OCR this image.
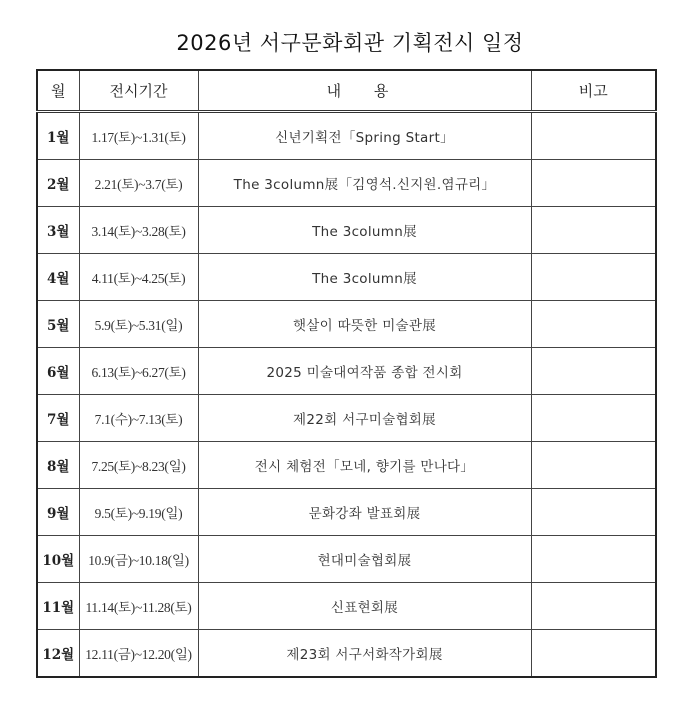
2026년 서구문화회관 기획전시 일정
월	전시기간	내 용	비고
1월	1.17(토)~1.31(토)	신년기획전「Spring Start」	
2월	2.21(토)~3.7(토)	The 3column展「김영석.신지원.염규리」	
3월	3.14(토)~3.28(토)	The 3column展	
4월	4.11(토)~4.25(토)	The 3column展	
5월	5.9(토)~5.31(일)	햇살이 따뜻한 미술관展	
6월	6.13(토)~6.27(토)	2025 미술대여작품 종합 전시회	
7월	7.1(수)~7.13(토)	제22회 서구미술협회展	
8월	7.25(토)~8.23(일)	전시 체험전「모네, 향기를 만나다」	
9월	9.5(토)~9.19(일)	문화강좌 발표회展	
10월	10.9(금)~10.18(일)	현대미술협회展	
11월	11.14(토)~11.28(토)	신표현회展	
12월	12.11(금)~12.20(일)	제23회 서구서화작가회展	
